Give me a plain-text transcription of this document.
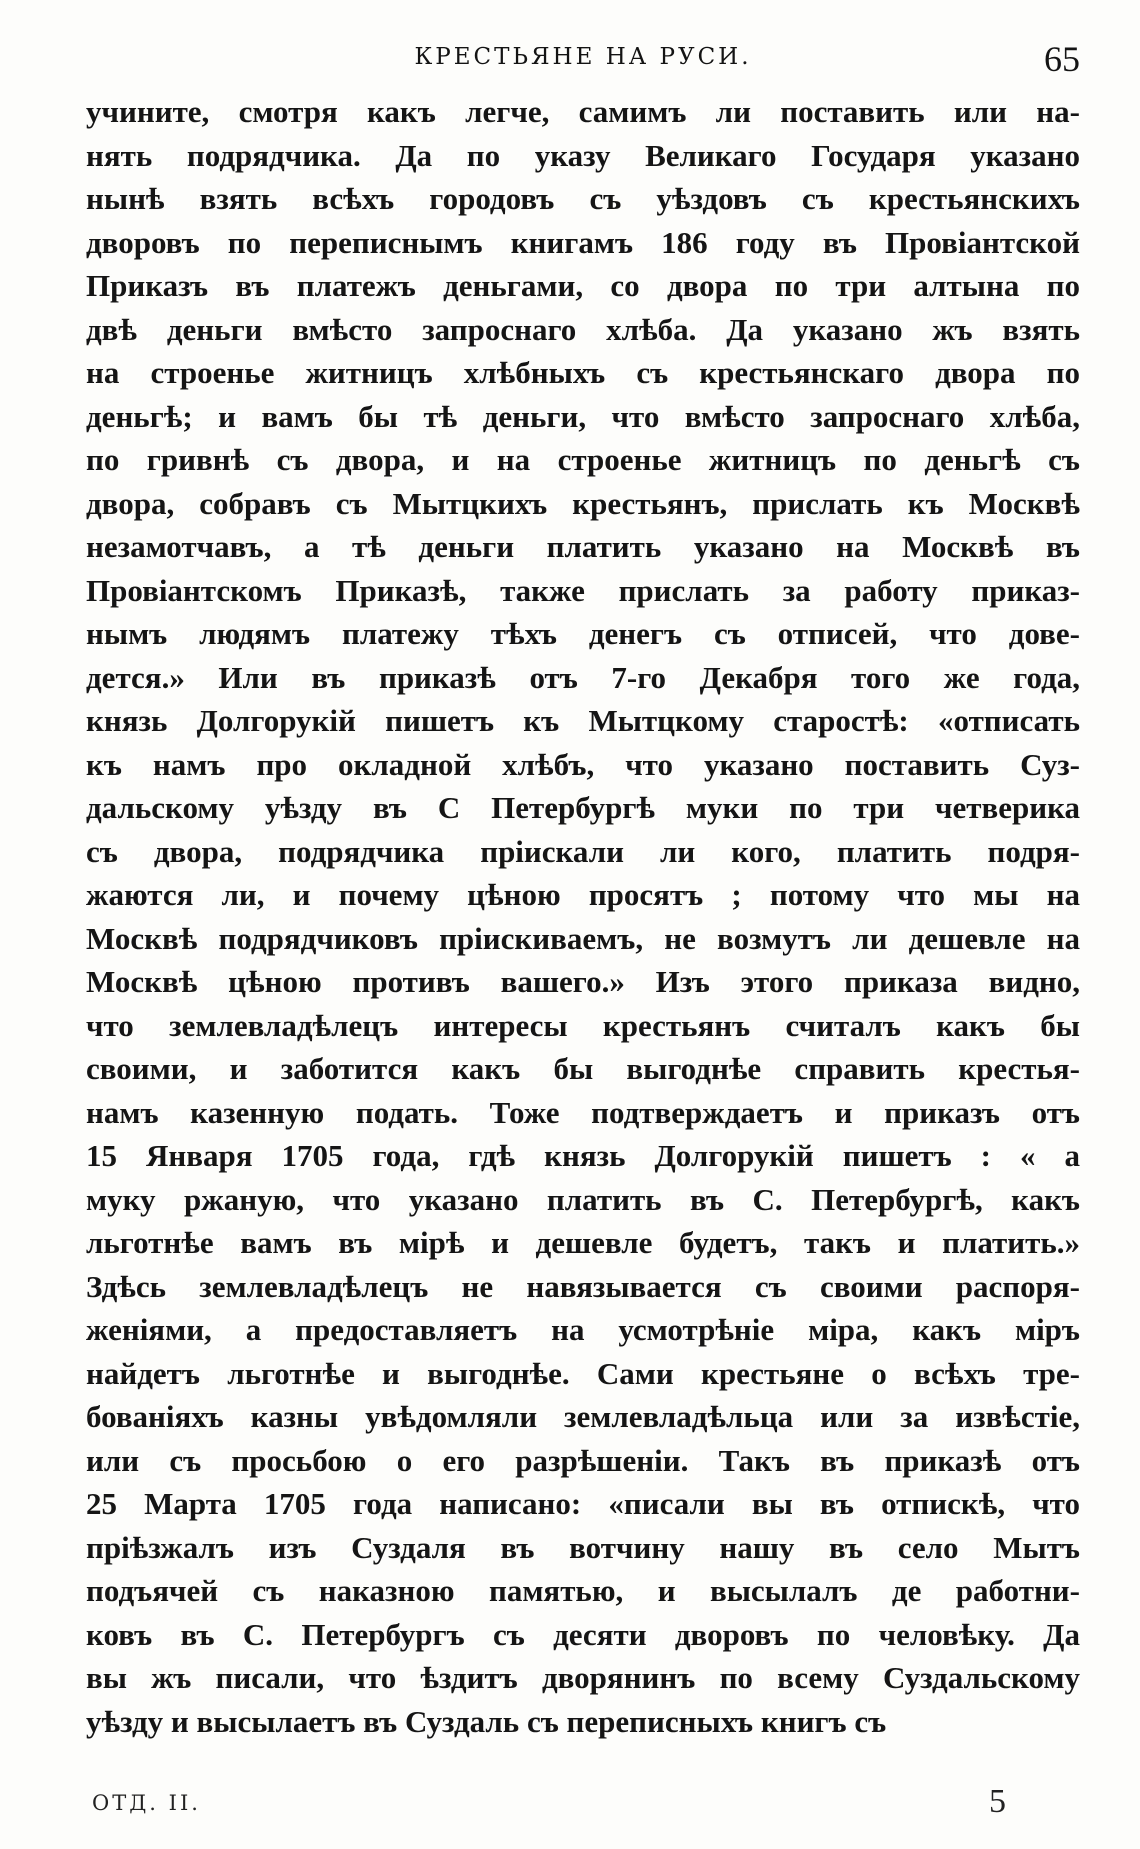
КРЕСТЬЯНЕ НА РУСИ.	65
учините, смотря какъ легче, самимъ ли поставить или на-
нять подрядчика. Да по указу Великаго Государя указано
нынѣ взять всѣхъ городовъ съ уѣздовъ съ крестьянскихъ
дворовъ по переписнымъ книгамъ 186 году въ Провiантской
Приказъ въ платежъ деньгами, со двора по три алтына по
двѣ деньги вмѣсто запроснаго хлѣба. Да указано жъ взять
на строенье житницъ хлѣбныхъ съ крестьянскаго двора по
деньгѣ; и вамъ бы тѣ деньги, что вмѣсто запроснаго хлѣба,
по гривнѣ съ двора, и на строенье житницъ по деньгѣ съ
двора, собравъ съ Мытцкихъ крестьянъ, прислать къ Москвѣ
незамотчавъ, а тѣ деньги платить указано на Москвѣ въ
Провiантскомъ Приказѣ, также прислать за работу приказ-
нымъ людямъ платежу тѣхъ денегъ съ отписей, что дове-
дется.» Или въ приказѣ отъ 7-го Декабря того же года,
князь Долгорукiй пишетъ къ Мытцкому старостѣ: «отписать
къ намъ про окладной хлѣбъ, что указано поставить Суз-
дальскому уѣзду въ С Петербургѣ муки по три четверика
съ двора, подрядчика прiискали ли кого, платить подря-
жаются ли, и почему цѣною просятъ ; потому что мы на
Москвѣ подрядчиковъ прiискиваемъ, не возмутъ ли дешевле на
Москвѣ цѣною противъ вашего.» Изъ этого приказа видно,
что землевладѣлецъ интересы крестьянъ считалъ какъ бы
своими, и заботится какъ бы выгоднѣе справить крестья-
намъ казенную подать. Тоже подтверждаетъ и приказъ отъ
15 Января 1705 года, гдѣ князь Долгорукiй пишетъ : « а
муку ржаную, что указано платить въ С. Петербургѣ, какъ
льготнѣе вамъ въ мiрѣ и дешевле будетъ, такъ и платить.»
Здѣсь землевладѣлецъ не навязывается съ своими распоря-
женiями, а предоставляетъ на усмотрѣнiе мiра, какъ мiръ
найдетъ льготнѣе и выгоднѣе. Сами крестьяне о всѣхъ тре-
бованiяхъ казны увѣдомляли землевладѣльца или за извѣстiе,
или съ просьбою о его разрѣшенiи. Такъ въ приказѣ отъ
25 Марта 1705 года написано: «писали вы въ отпискѣ, что
прiѣзжалъ изъ Суздаля въ вотчину нашу въ село Мытъ
подъячей съ наказною памятью, и высылалъ де работни-
ковъ въ С. Петербургъ съ десяти дворовъ по человѣку. Да
вы жъ писали, что ѣздитъ дворянинъ по всему Суздальскому
уѣзду и высылаетъ въ Суздаль съ переписныхъ книгъ съ
ОТД. II.	5
